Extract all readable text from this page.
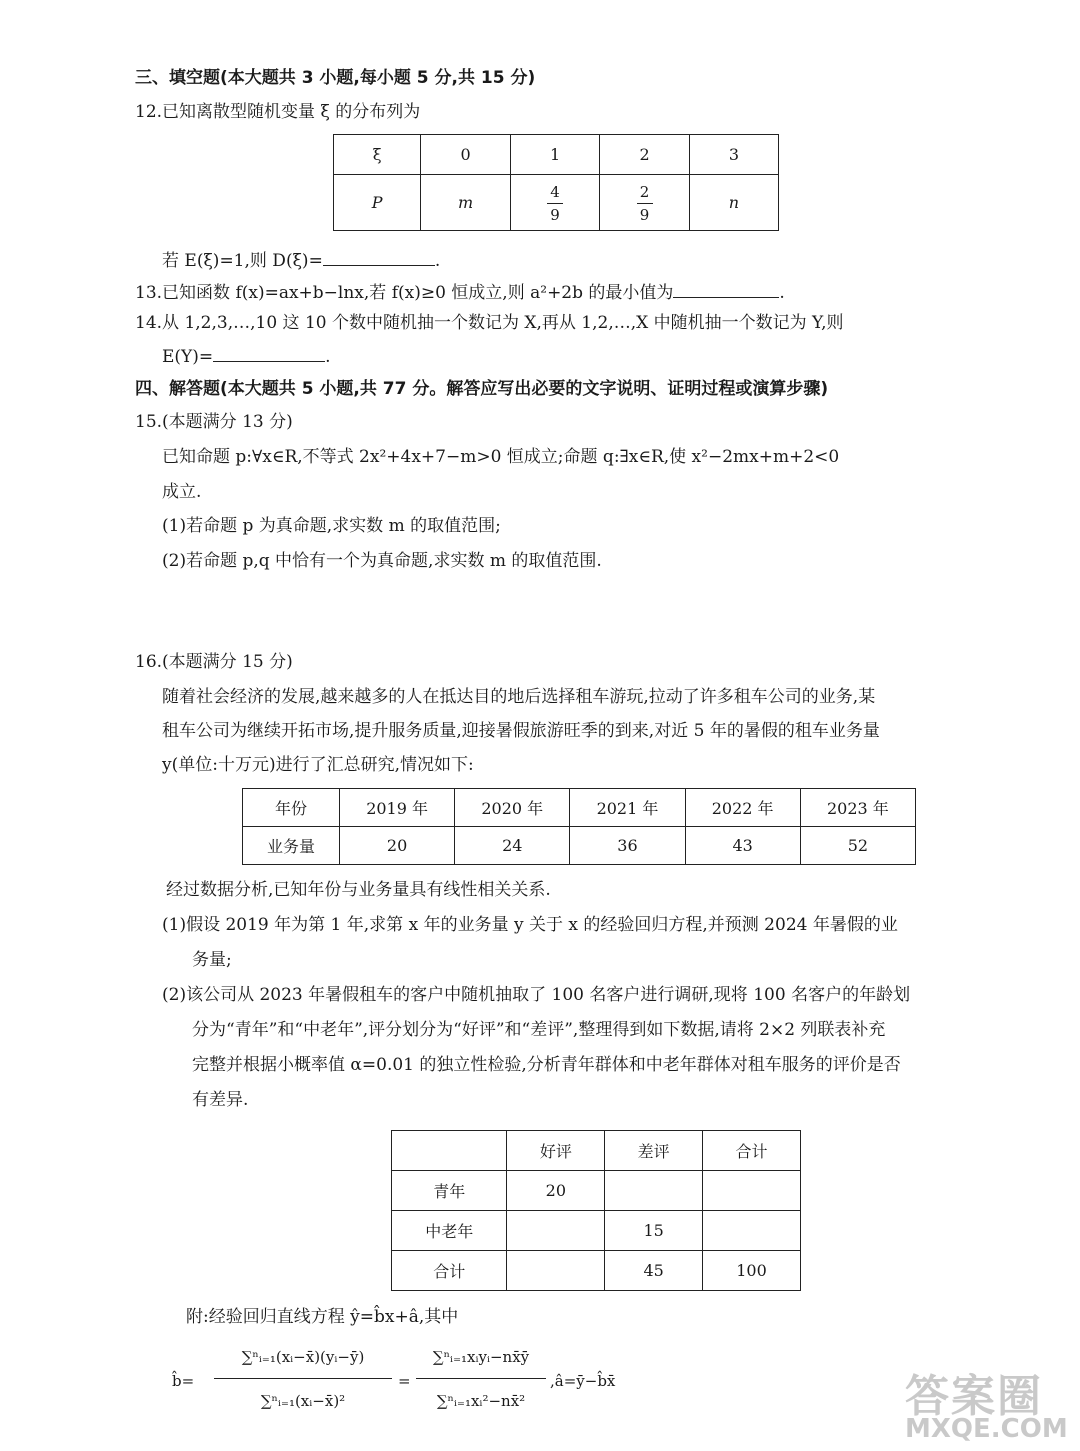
三、填空题(本大题共 3 小题,每小题 5 分,共 15 分)
12.已知离散型随机变量 ξ 的分布列为
ξ	0	1	2	3
P	m	$\frac{4}{9}$	$\frac{2}{9}$	n
若 E(ξ)=1,则 D(ξ)=	.
13.已知函数 f(x)=ax+b−lnx,若 f(x)≥0 恒成立,则 a²+2b 的最小值为	.
14.从 1,2,3,…,10 这 10 个数中随机抽一个数记为 X,再从 1,2,…,X 中随机抽一个数记为 Y,则
E(Y)=	.
四、解答题(本大题共 5 小题,共 77 分。解答应写出必要的文字说明、证明过程或演算步骤)
15.(本题满分 13 分)
已知命题 p:∀x∈R,不等式 2x²+4x+7−m>0 恒成立;命题 q:∃x∈R,使 x²−2mx+m+2<0
成立.
(1)若命题 p 为真命题,求实数 m 的取值范围;
(2)若命题 p,q 中恰有一个为真命题,求实数 m 的取值范围.
16.(本题满分 15 分)
随着社会经济的发展,越来越多的人在抵达目的地后选择租车游玩,拉动了许多租车公司的业务,某
租车公司为继续开拓市场,提升服务质量,迎接暑假旅游旺季的到来,对近 5 年的暑假的租车业务量
y(单位:十万元)进行了汇总研究,情况如下:
年份	2019 年	2020 年	2021 年	2022 年	2023 年
业务量	20	24	36	43	52
经过数据分析,已知年份与业务量具有线性相关关系.
(1)假设 2019 年为第 1 年,求第 x 年的业务量 y 关于 x 的经验回归方程,并预测 2024 年暑假的业
务量;
(2)该公司从 2023 年暑假租车的客户中随机抽取了 100 名客户进行调研,现将 100 名客户的年龄划
分为“青年”和“中老年”,评分划分为“好评”和“差评”,整理得到如下数据,请将 2×2 列联表补充
完整并根据小概率值 α=0.01 的独立性检验,分析青年群体和中老年群体对租车服务的评价是否
有差异.
	好评	差评	合计
青年	20		
中老年		15	
合计		45	100
附:经验回归直线方程 ŷ=b̂x+â,其中
b̂=
∑ⁿᵢ₌₁(xᵢ−x̄)(yᵢ−ȳ)
∑ⁿᵢ₌₁(xᵢ−x̄)²
=
∑ⁿᵢ₌₁xᵢyᵢ−nx̄ȳ
∑ⁿᵢ₌₁xᵢ²−nx̄²
,â=ȳ−b̂x̄	答案圈
MXQE.COM
